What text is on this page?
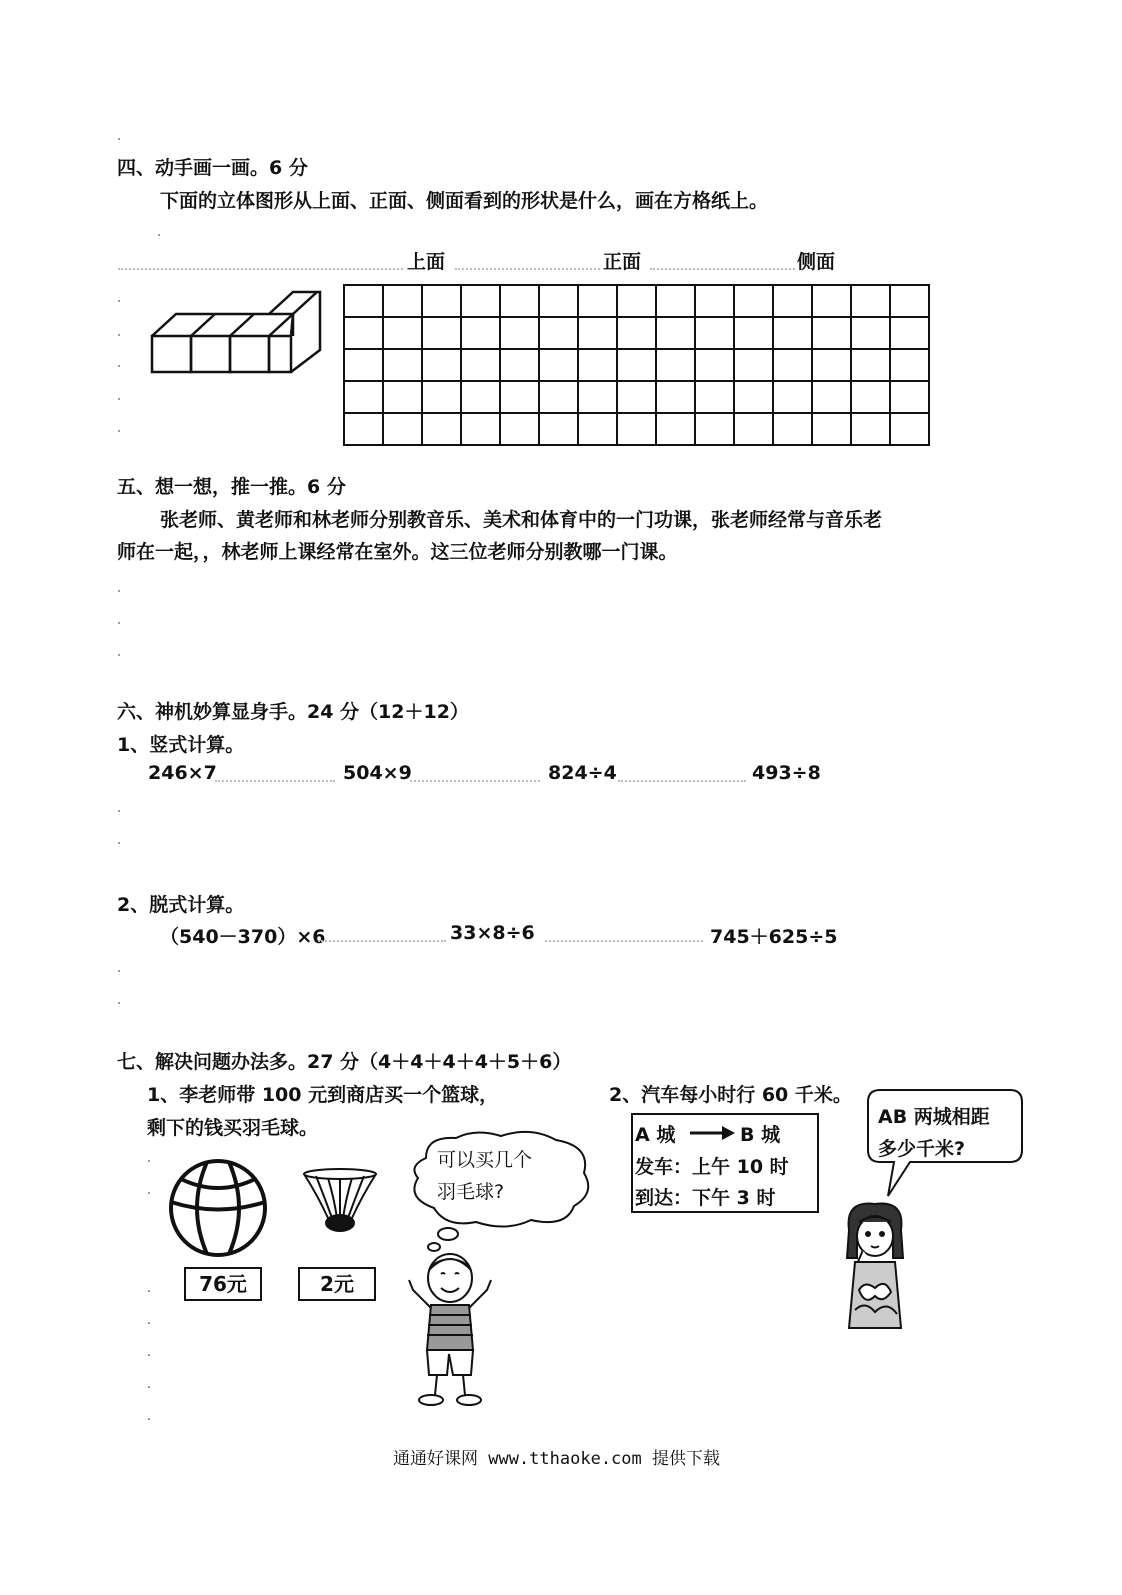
四、动手画一画。6 分
下面的立体图形从上面、正面、侧面看到的形状是什么，画在方格纸上。
上面	正面	侧面

五、想一想，推一推。6 分
张老师、黄老师和林老师分别教音乐、美术和体育中的一门功课，张老师经常与音乐老
师在一起，，林老师上课经常在室外。这三位老师分别教哪一门课。
六、神机妙算显身手。24 分（12＋12）
1、竖式计算。
246×7	504×9	824÷4	493÷8
2、脱式计算。
（540－370）×6	33×8÷6	745＋625÷5
七、解决问题办法多。27 分（4＋4＋4＋4＋5＋6）
1、李老师带 100 元到商店买一个篮球，
剩下的钱买羽毛球。
2、汽车每小时行 60 千米。
76元	2元
可以买几个
羽毛球?
A 城	B 城
发车：上午 10 时
到达：下午 3 时
AB 两城相距
多少千米?
通通好课网 www.tthaoke.com 提供下载
